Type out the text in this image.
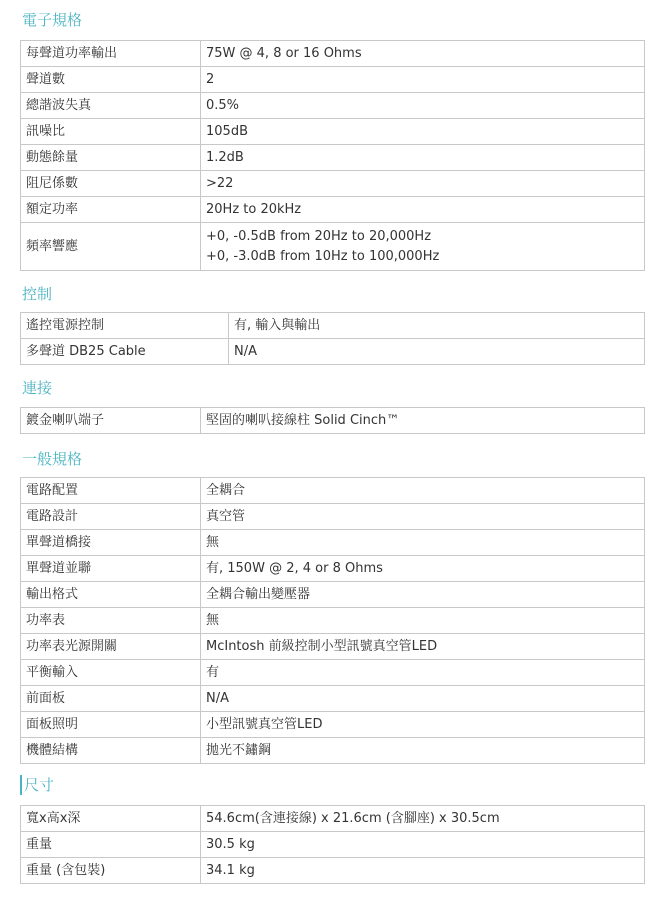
電子規格
每聲道功率輸出	75W @ 4, 8 or 16 Ohms
聲道數	2
總諧波失真	0.5%
訊噪比	105dB
動態餘量	1.2dB
阻尼係數	>22
額定功率	20Hz to 20kHz
頻率響應	+0, -0.5dB from 20Hz to 20,000Hz
+0, -3.0dB from 10Hz to 100,000Hz
控制
遙控電源控制	有, 輸入與輸出
多聲道 DB25 Cable	N/A
連接
鍍金喇叭端子	堅固的喇叭接線柱 Solid Cinch™
一般規格
電路配置	全耦合
電路設計	真空管
單聲道橋接	無
單聲道並聯	有, 150W @ 2, 4 or 8 Ohms
輸出格式	全耦合輸出變壓器
功率表	無
功率表光源開關	McIntosh 前級控制小型訊號真空管LED
平衡輸入	有
前面板	N/A
面板照明	小型訊號真空管LED
機體結構	拋光不鏽鋼
尺寸
寬x高x深	54.6cm(含連接線) x 21.6cm (含腳座) x 30.5cm
重量	30.5 kg
重量 (含包裝)	34.1 kg
